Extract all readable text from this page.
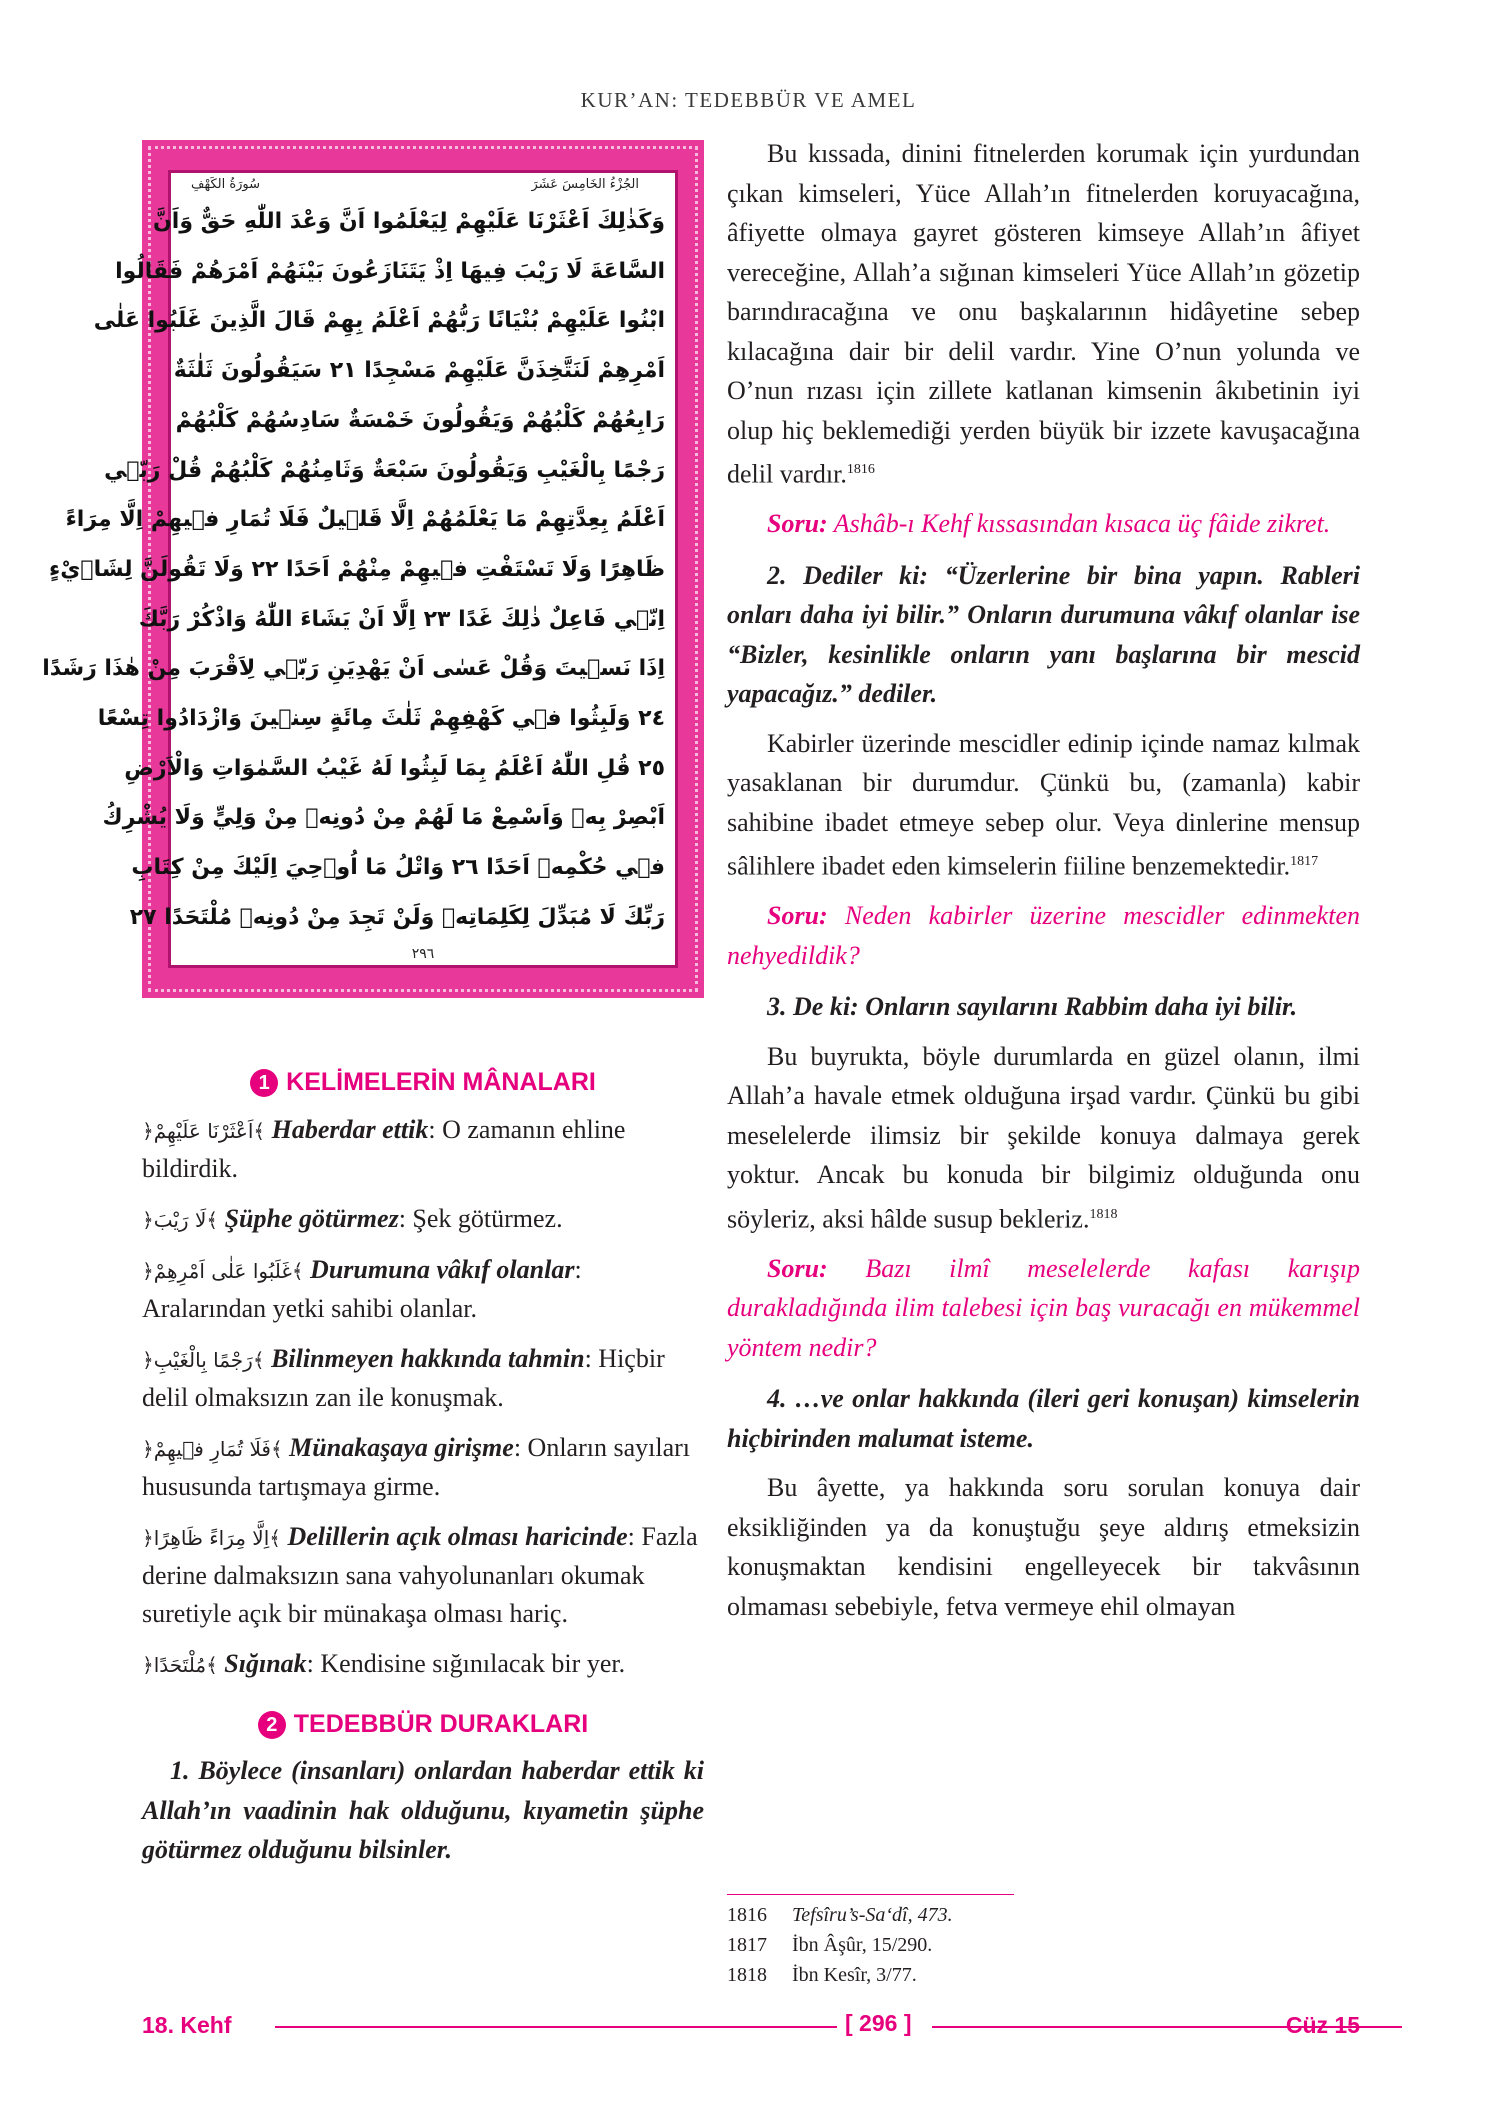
KUR’AN: TEDEBBÜR VE AMEL
سُورَةُ الكَهْفِ	الجُزْءُ الخَامِسَ عَشَرَ
وَكَذٰلِكَ اَعْثَرْنَا عَلَيْهِمْ لِيَعْلَمُوا اَنَّ وَعْدَ اللّٰهِ حَقٌّ وَاَنَّ
السَّاعَةَ لَا رَيْبَ فِيهَا اِذْ يَتَنَازَعُونَ بَيْنَهُمْ اَمْرَهُمْ فَقَالُوا
ابْنُوا عَلَيْهِمْ بُنْيَانًا رَبُّهُمْ اَعْلَمُ بِهِمْ قَالَ الَّذِينَ غَلَبُوا عَلٰى
اَمْرِهِمْ لَنَتَّخِذَنَّ عَلَيْهِمْ مَسْجِدًا ٢١ سَيَقُولُونَ ثَلٰثَةٌ
رَابِعُهُمْ كَلْبُهُمْ وَيَقُولُونَ خَمْسَةٌ سَادِسُهُمْ كَلْبُهُمْ
رَجْمًا بِالْغَيْبِ وَيَقُولُونَ سَبْعَةٌ وَثَامِنُهُمْ كَلْبُهُمْ قُلْ رَبّ۪ي
اَعْلَمُ بِعِدَّتِهِمْ مَا يَعْلَمُهُمْ اِلَّا قَل۪يلٌ فَلَا تُمَارِ ف۪يهِمْ اِلَّا مِرَاءً
ظَاهِرًا وَلَا تَسْتَفْتِ ف۪يهِمْ مِنْهُمْ اَحَدًا ٢٢ وَلَا تَقُولَنَّ لِشَا۬يْءٍ
اِنّ۪ي فَاعِلٌ ذٰلِكَ غَدًا ٢٣ اِلَّا اَنْ يَشَاءَ اللّٰهُ وَاذْكُرْ رَبَّكَ
اِذَا نَس۪يتَ وَقُلْ عَسٰى اَنْ يَهْدِيَنِ رَبّ۪ي لِاَقْرَبَ مِنْ هٰذَا رَشَدًا
٢٤ وَلَبِثُوا ف۪ي كَهْفِهِمْ ثَلٰثَ مِائَةٍ سِن۪ينَ وَازْدَادُوا تِسْعًا
٢٥ قُلِ اللّٰهُ اَعْلَمُ بِمَا لَبِثُوا لَهُ غَيْبُ السَّمٰوَاتِ وَالْاَرْضِ
اَبْصِرْ بِه۪ وَاَسْمِعْ مَا لَهُمْ مِنْ دُونِه۪ مِنْ وَلِيٍّ وَلَا يُشْرِكُ
ف۪ي حُكْمِه۪ اَحَدًا ٢٦ وَاتْلُ مَا اُو۫حِيَ اِلَيْكَ مِنْ كِتَابِ
رَبِّكَ لَا مُبَدِّلَ لِكَلِمَاتِه۪ وَلَنْ تَجِدَ مِنْ دُونِه۪ مُلْتَحَدًا ٢٧
٢٩٦
1 KELİMELERİN MÂNALARI

﴿اَعْثَرْنَا عَلَيْهِمْ﴾ Haberdar ettik: O zamanın ehline bildirdik.

﴿لَا رَيْبَ﴾ Şüphe götürmez: Şek götürmez.

﴿غَلَبُوا عَلٰى اَمْرِهِمْ﴾ Durumuna vâkıf olanlar: Aralarından yetki sahibi olanlar.

﴿رَجْمًا بِالْغَيْبِ﴾ Bilinmeyen hakkında tahmin: Hiçbir delil olmaksızın zan ile konuşmak.

﴿فَلَا تُمَارِ ف۪يهِمْ﴾ Münakaşaya girişme: Onların sayıları hususunda tartışmaya girme.

﴿اِلَّا مِرَاءً ظَاهِرًا﴾ Delillerin açık olması haricinde: Fazla derine dalmaksızın sana vahyolunanları okumak suretiyle açık bir münakaşa olması hariç.

﴿مُلْتَحَدًا﴾ Sığınak: Kendisine sığınılacak bir yer.

2 TEDEBBÜR DURAKLARI

1. Böylece (insanları) onlardan haberdar ettik ki Allah’ın vaadinin hak olduğunu, kıyametin şüphe götürmez olduğunu bilsinler.

Bu kıssada, dinini fitnelerden korumak için yurdundan çıkan kimseleri, Yüce Allah’ın fitnelerden koruyacağına, âfiyette olmaya gayret gösteren kimseye Allah’ın âfiyet vereceğine, Allah’a sığınan kimseleri Yüce Allah’ın gözetip barındıracağına ve onu başkalarının hidâyetine sebep kılacağına dair bir delil vardır. Yine O’nun yolunda ve O’nun rızası için zillete katlanan kimsenin âkıbetinin iyi olup hiç beklemediği yerden büyük bir izzete kavuşacağına delil vardır.$^{1816}$

Soru: Ashâb-ı Kehf kıssasından kısaca üç fâide zikret.

2. Dediler ki: “Üzerlerine bir bina yapın. Rableri onları daha iyi bilir.” Onların durumuna vâkıf olanlar ise “Bizler, kesinlikle onların yanı başlarına bir mescid yapacağız.” dediler.

Kabirler üzerinde mescidler edinip içinde namaz kılmak yasaklanan bir durumdur. Çünkü bu, (zamanla) kabir sahibine ibadet etmeye sebep olur. Veya dinlerine mensup sâlihlere ibadet eden kimselerin fiiline benzemektedir.$^{1817}$

Soru: Neden kabirler üzerine mescidler edinmekten nehyedildik?

3. De ki: Onların sayılarını Rabbim daha iyi bilir.

Bu buyrukta, böyle durumlarda en güzel olanın, ilmi Allah’a havale etmek olduğuna irşad vardır. Çünkü bu gibi meselelerde ilimsiz bir şekilde konuya dalmaya gerek yoktur. Ancak bu konuda bir bilgimiz olduğunda onu söyleriz, aksi hâlde susup bekleriz.$^{1818}$

Soru: Bazı ilmî meselelerde kafası karışıp durakladığında ilim talebesi için baş vuracağı en mükemmel yöntem nedir?

4. …ve onlar hakkında (ileri geri konuşan) kimselerin hiçbirinden malumat isteme.

Bu âyette, ya hakkında soru sorulan konuya dair eksikliğinden ya da konuştuğu şeye aldırış etmeksizin konuşmaktan kendisini engelleyecek bir takvâsının olmaması sebebiyle, fetva vermeye ehil olmayan

1816	Tefsîru’s-Sa‘dî, 473.
1817	İbn Âşûr, 15/290.
1818	İbn Kesîr, 3/77.
18. Kehf	[ 296 ]	Cüz 15
